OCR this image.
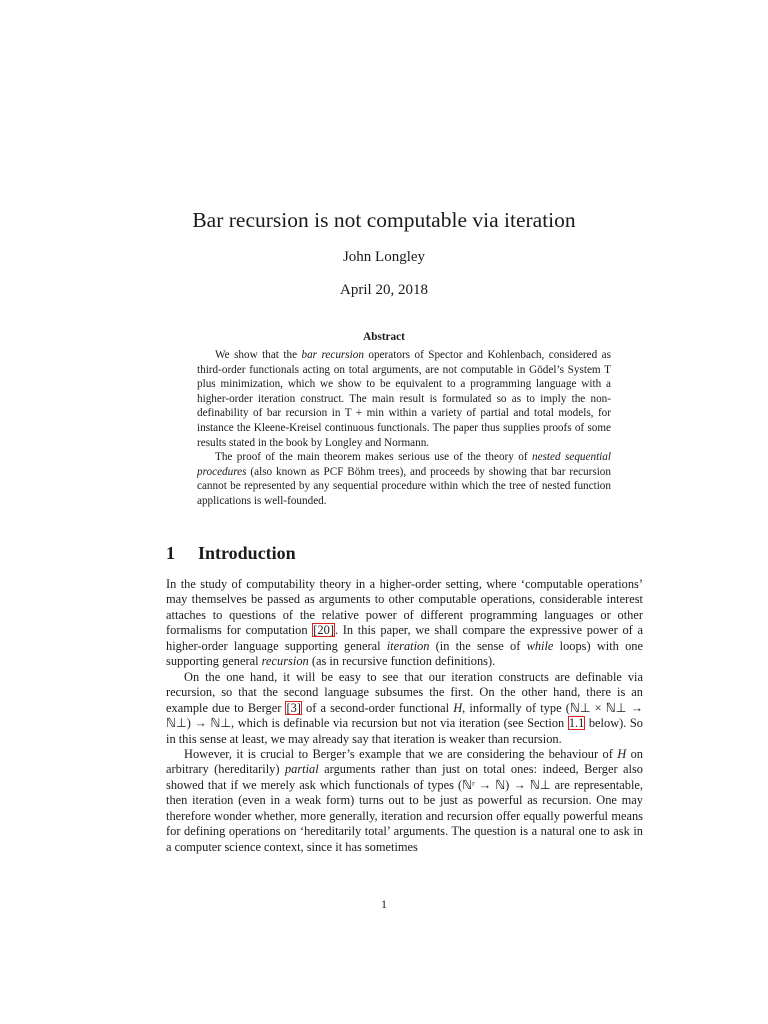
Bar recursion is not computable via iteration
John Longley
April 20, 2018
Abstract

We show that the bar recursion operators of Spector and Kohlenbach, considered as third-order functionals acting on total arguments, are not computable in Gödel’s System T plus minimization, which we show to be equivalent to a programming language with a higher-order iteration construct. The main result is formulated so as to imply the non-definability of bar recursion in T + min within a variety of partial and total models, for instance the Kleene-Kreisel continuous functionals. The paper thus supplies proofs of some results stated in the book by Longley and Normann.

The proof of the main theorem makes serious use of the theory of nested sequential procedures (also known as PCF Böhm trees), and proceeds by showing that bar recursion cannot be represented by any sequential procedure within which the tree of nested function applications is well-founded.

1 Introduction

In the study of computability theory in a higher-order setting, where ‘computable operations’ may themselves be passed as arguments to other computable operations, considerable interest attaches to questions of the relative power of different programming languages or other formalisms for computation [20]. In this paper, we shall compare the expressive power of a higher-order language supporting general iteration (in the sense of while loops) with one supporting general recursion (as in recursive function definitions).

On the one hand, it will be easy to see that our iteration constructs are definable via recursion, so that the second language subsumes the first. On the other hand, there is an example due to Berger [3] of a second-order functional H, informally of type (ℕ⊥ × ℕ⊥ → ℕ⊥) → ℕ⊥, which is definable via recursion but not via iteration (see Section 1.1 below). So in this sense at least, we may already say that iteration is weaker than recursion.

However, it is crucial to Berger’s example that we are considering the behaviour of H on arbitrary (hereditarily) partial arguments rather than just on total ones: indeed, Berger also showed that if we merely ask which functionals of types (ℕʳ → ℕ) → ℕ⊥ are representable, then iteration (even in a weak form) turns out to be just as powerful as recursion. One may therefore wonder whether, more generally, iteration and recursion offer equally powerful means for defining operations on ‘hereditarily total’ arguments. The question is a natural one to ask in a computer science context, since it has sometimes

1
